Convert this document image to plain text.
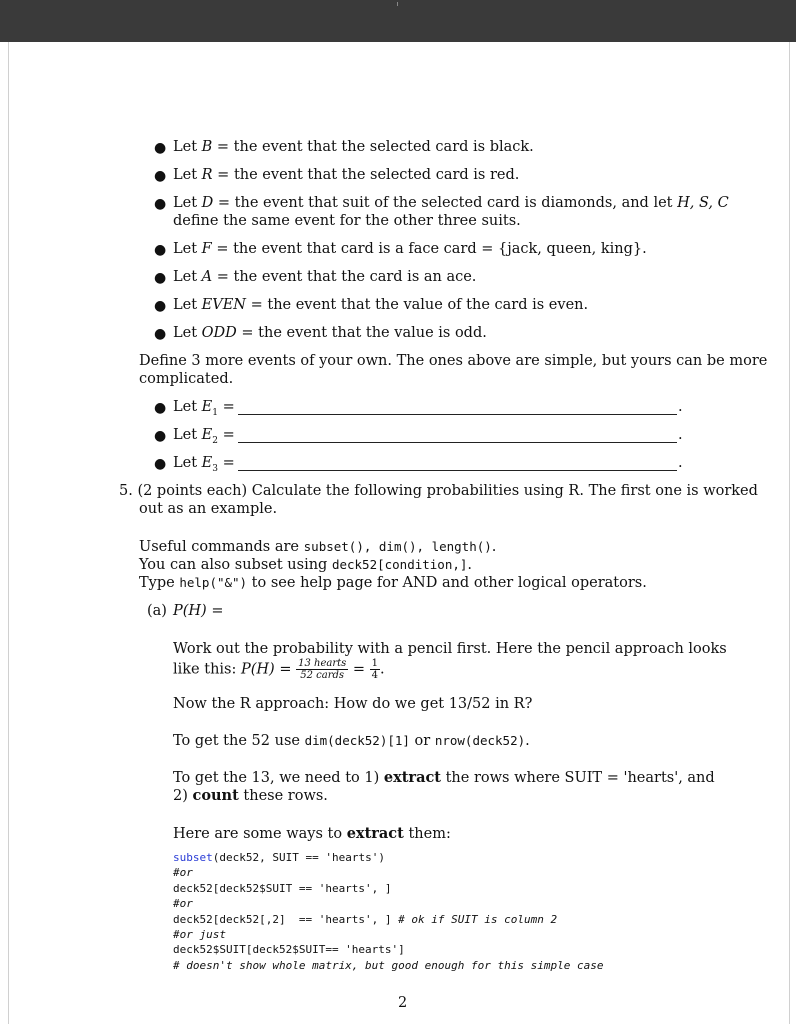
● Let B = the event that the selected card is black.
● Let R = the event that the selected card is red.
● Let D = the event that suit of the selected card is diamonds, and let H, S, C
define the same event for the other three suits.
● Let F = the event that card is a face card = {jack, queen, king}.
● Let A = the event that the card is an ace.
● Let EVEN = the event that the value of the card is even.
● Let ODD = the event that the value is odd.
Define 3 more events of your own. The ones above are simple, but yours can be more
complicated.
● Let $E_1$ =	.
● Let $E_2$ =	.
● Let $E_3$ =	.
5. (2 points each) Calculate the following probabilities using R. The first one is worked
out as an example.
Useful commands are subset(), dim(), length().
You can also subset using deck52[condition,].
Type help("&") to see help page for AND and other logical operators.
(a) P(H) =
Work out the probability with a pencil first. Here the pencil approach looks
like this: $P(H) = \frac{\text{13 hearts}}{\text{52 cards}} = \frac{1}{4}$ .
Now the R approach: How do we get 13/52 in R?
To get the 52 use dim(deck52)[1] or nrow(deck52).
To get the 13, we need to 1) extract the rows where SUIT = 'hearts', and
2) count these rows.
Here are some ways to extract them:
subset(deck52, SUIT == 'hearts')
#or
deck52[deck52$SUIT == 'hearts', ]
#or
deck52[deck52[,2]  == 'hearts', ] # ok if SUIT is column 2
#or just
deck52$SUIT[deck52$SUIT== 'hearts']
# doesn't show whole matrix, but good enough for this simple case
2
